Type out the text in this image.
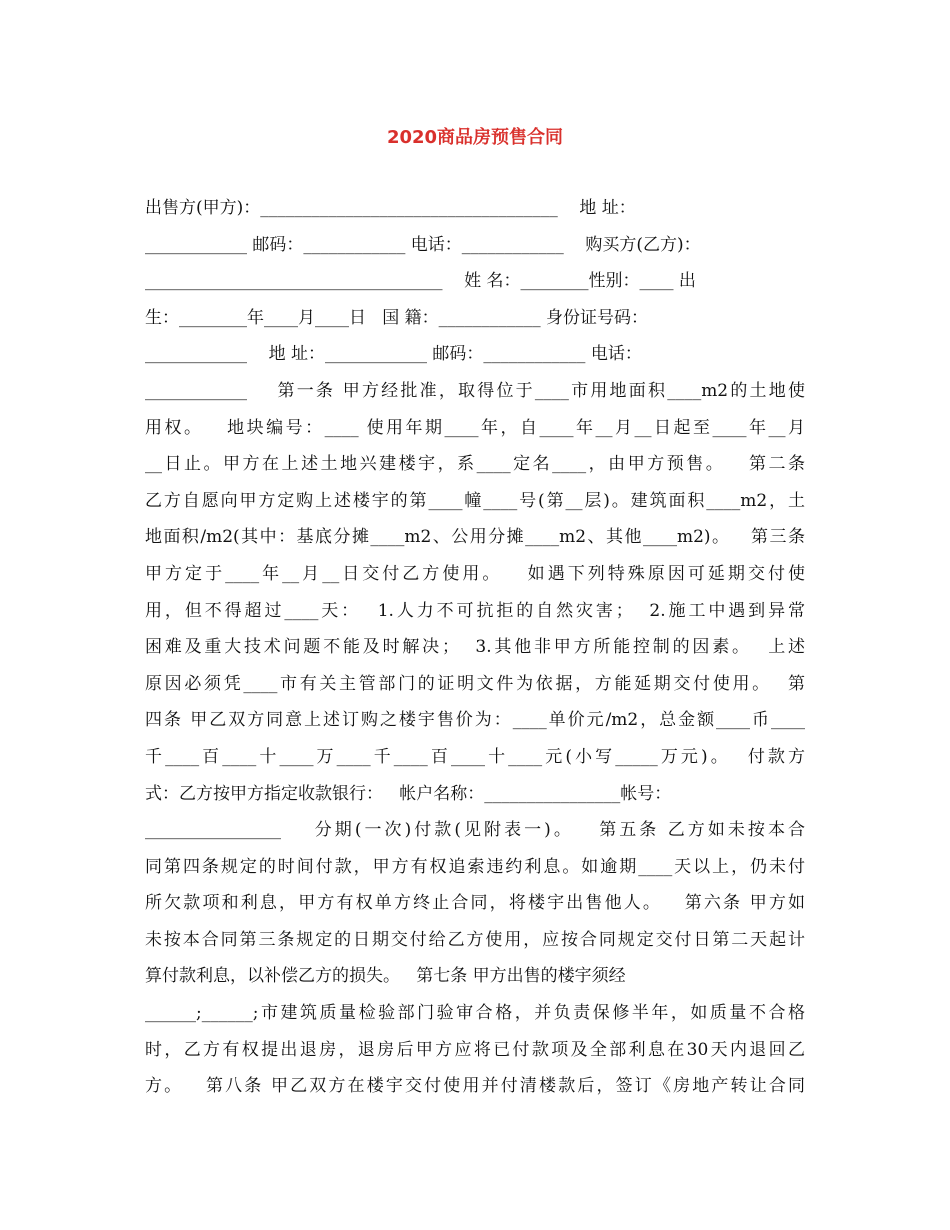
2020商品房预售合同
出售方(甲方)：___________________________________    地 址：
____________ 邮码：____________ 电话：____________    购买方(乙方)：
___________________________________    姓 名：________性别：____ 出
生：________年____月____日   国 籍：____________ 身份证号码：
____________    地 址：____________ 邮码：____________ 电话：
____________    第一条 甲方经批准，取得位于____市用地面积____m2的土地使
用权。   地块编号：____ 使用年期____年，自____年__月__日起至____年__月
__日止。甲方在上述土地兴建楼宇，系____定名____，由甲方预售。   第二条
乙方自愿向甲方定购上述楼宇的第____幢____号(第__层)。建筑面积____m2，土
地面积/m2(其中：基底分摊____m2、公用分摊____m2、其他____m2)。   第三条
甲方定于____年__月__日交付乙方使用。   如遇下列特殊原因可延期交付使
用，但不得超过____天：  1.人力不可抗拒的自然灾害；  2.施工中遇到异常
困难及重大技术问题不能及时解决；  3.其他非甲方所能控制的因素。  上述
原因必须凭____市有关主管部门的证明文件为依据，方能延期交付使用。  第
四条 甲乙双方同意上述订购之楼宇售价为：____单价元/m2，总金额____币____
千____百____十____万____千____百____十____元(小写_____万元)。  付款方
式：乙方按甲方指定收款银行：   帐户名称：________________帐号：
________________    分期(一次)付款(见附表一)。   第五条 乙方如未按本合
同第四条规定的时间付款，甲方有权追索违约利息。如逾期____天以上，仍未付
所欠款项和利息，甲方有权单方终止合同，将楼宇出售他人。   第六条 甲方如
未按本合同第三条规定的日期交付给乙方使用，应按合同规定交付日第二天起计
算付款利息，以补偿乙方的损失。   第七条 甲方出售的楼宇须经
______;______;市建筑质量检验部门验审合格，并负责保修半年，如质量不合格
时，乙方有权提出退房，退房后甲方应将已付款项及全部利息在30天内退回乙
方。   第八条 甲乙双方在楼宇交付使用并付清楼款后，签订《房地产转让合同
